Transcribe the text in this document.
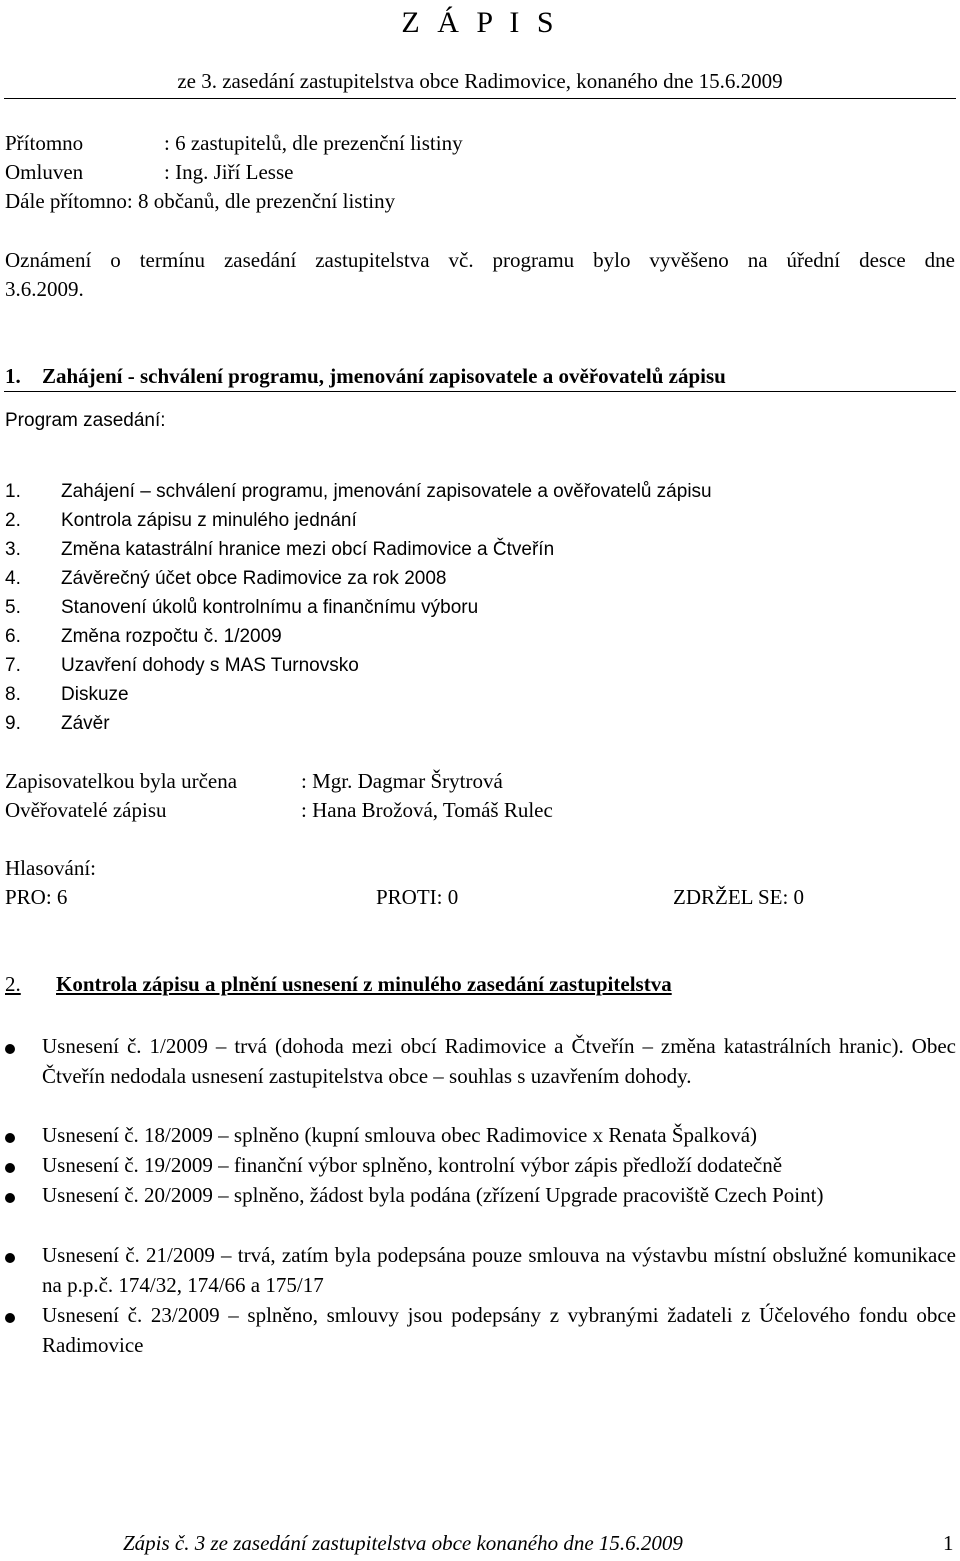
Z Á P I S
ze 3. zasedání zastupitelstva obce Radimovice, konaného dne 15.6.2009
Přítomno	: 6 zastupitelů, dle prezenční listiny
Omluven	: Ing. Jiří Lesse
Dále přítomno: 8 občanů, dle prezenční listiny
Oznámení o termínu zasedání zastupitelstva vč. programu bylo vyvěšeno na úřední desce dne
3.6.2009.
1. Zahájení - schválení programu, jmenování zapisovatele a ověřovatelů zápisu
Program zasedání:
1. Zahájení – schválení programu, jmenování zapisovatele a ověřovatelů zápisu
2. Kontrola zápisu z minulého jednání
3. Změna katastrální hranice mezi obcí Radimovice a Čtveřín
4. Závěrečný účet obce Radimovice za rok 2008
5. Stanovení úkolů kontrolnímu a finančnímu výboru
6. Změna rozpočtu č. 1/2009
7. Uzavření dohody s MAS Turnovsko
8. Diskuze
9. Závěr
Zapisovatelkou byla určena	: Mgr. Dagmar Šrytrová
Ověřovatelé zápisu	: Hana Brožová, Tomáš Rulec
Hlasování:
PRO: 6	PROTI: 0	ZDRŽEL SE: 0
2. Kontrola zápisu a plnění usnesení z minulého zasedání zastupitelstva
Usnesení č. 1/2009 – trvá (dohoda mezi obcí Radimovice a Čtveřín – změna katastrálních hranic). Obec Čtveřín nedodala usnesení zastupitelstva obce – souhlas s uzavřením dohody.
Usnesení č. 18/2009 – splněno (kupní smlouva obec Radimovice x Renata Špalková)
Usnesení č. 19/2009 – finanční výbor splněno, kontrolní výbor zápis předloží dodatečně
Usnesení č. 20/2009 – splněno, žádost byla podána (zřízení Upgrade pracoviště Czech Point)
Usnesení č. 21/2009 – trvá, zatím byla podepsána pouze smlouva na výstavbu místní obslužné komunikace na p.p.č. 174/32, 174/66 a 175/17
Usnesení č. 23/2009 – splněno, smlouvy jsou podepsány z vybranými žadateli z Účelového fondu obce Radimovice
Zápis č. 3 ze zasedání zastupitelstva obce konaného dne 15.6.2009	1
